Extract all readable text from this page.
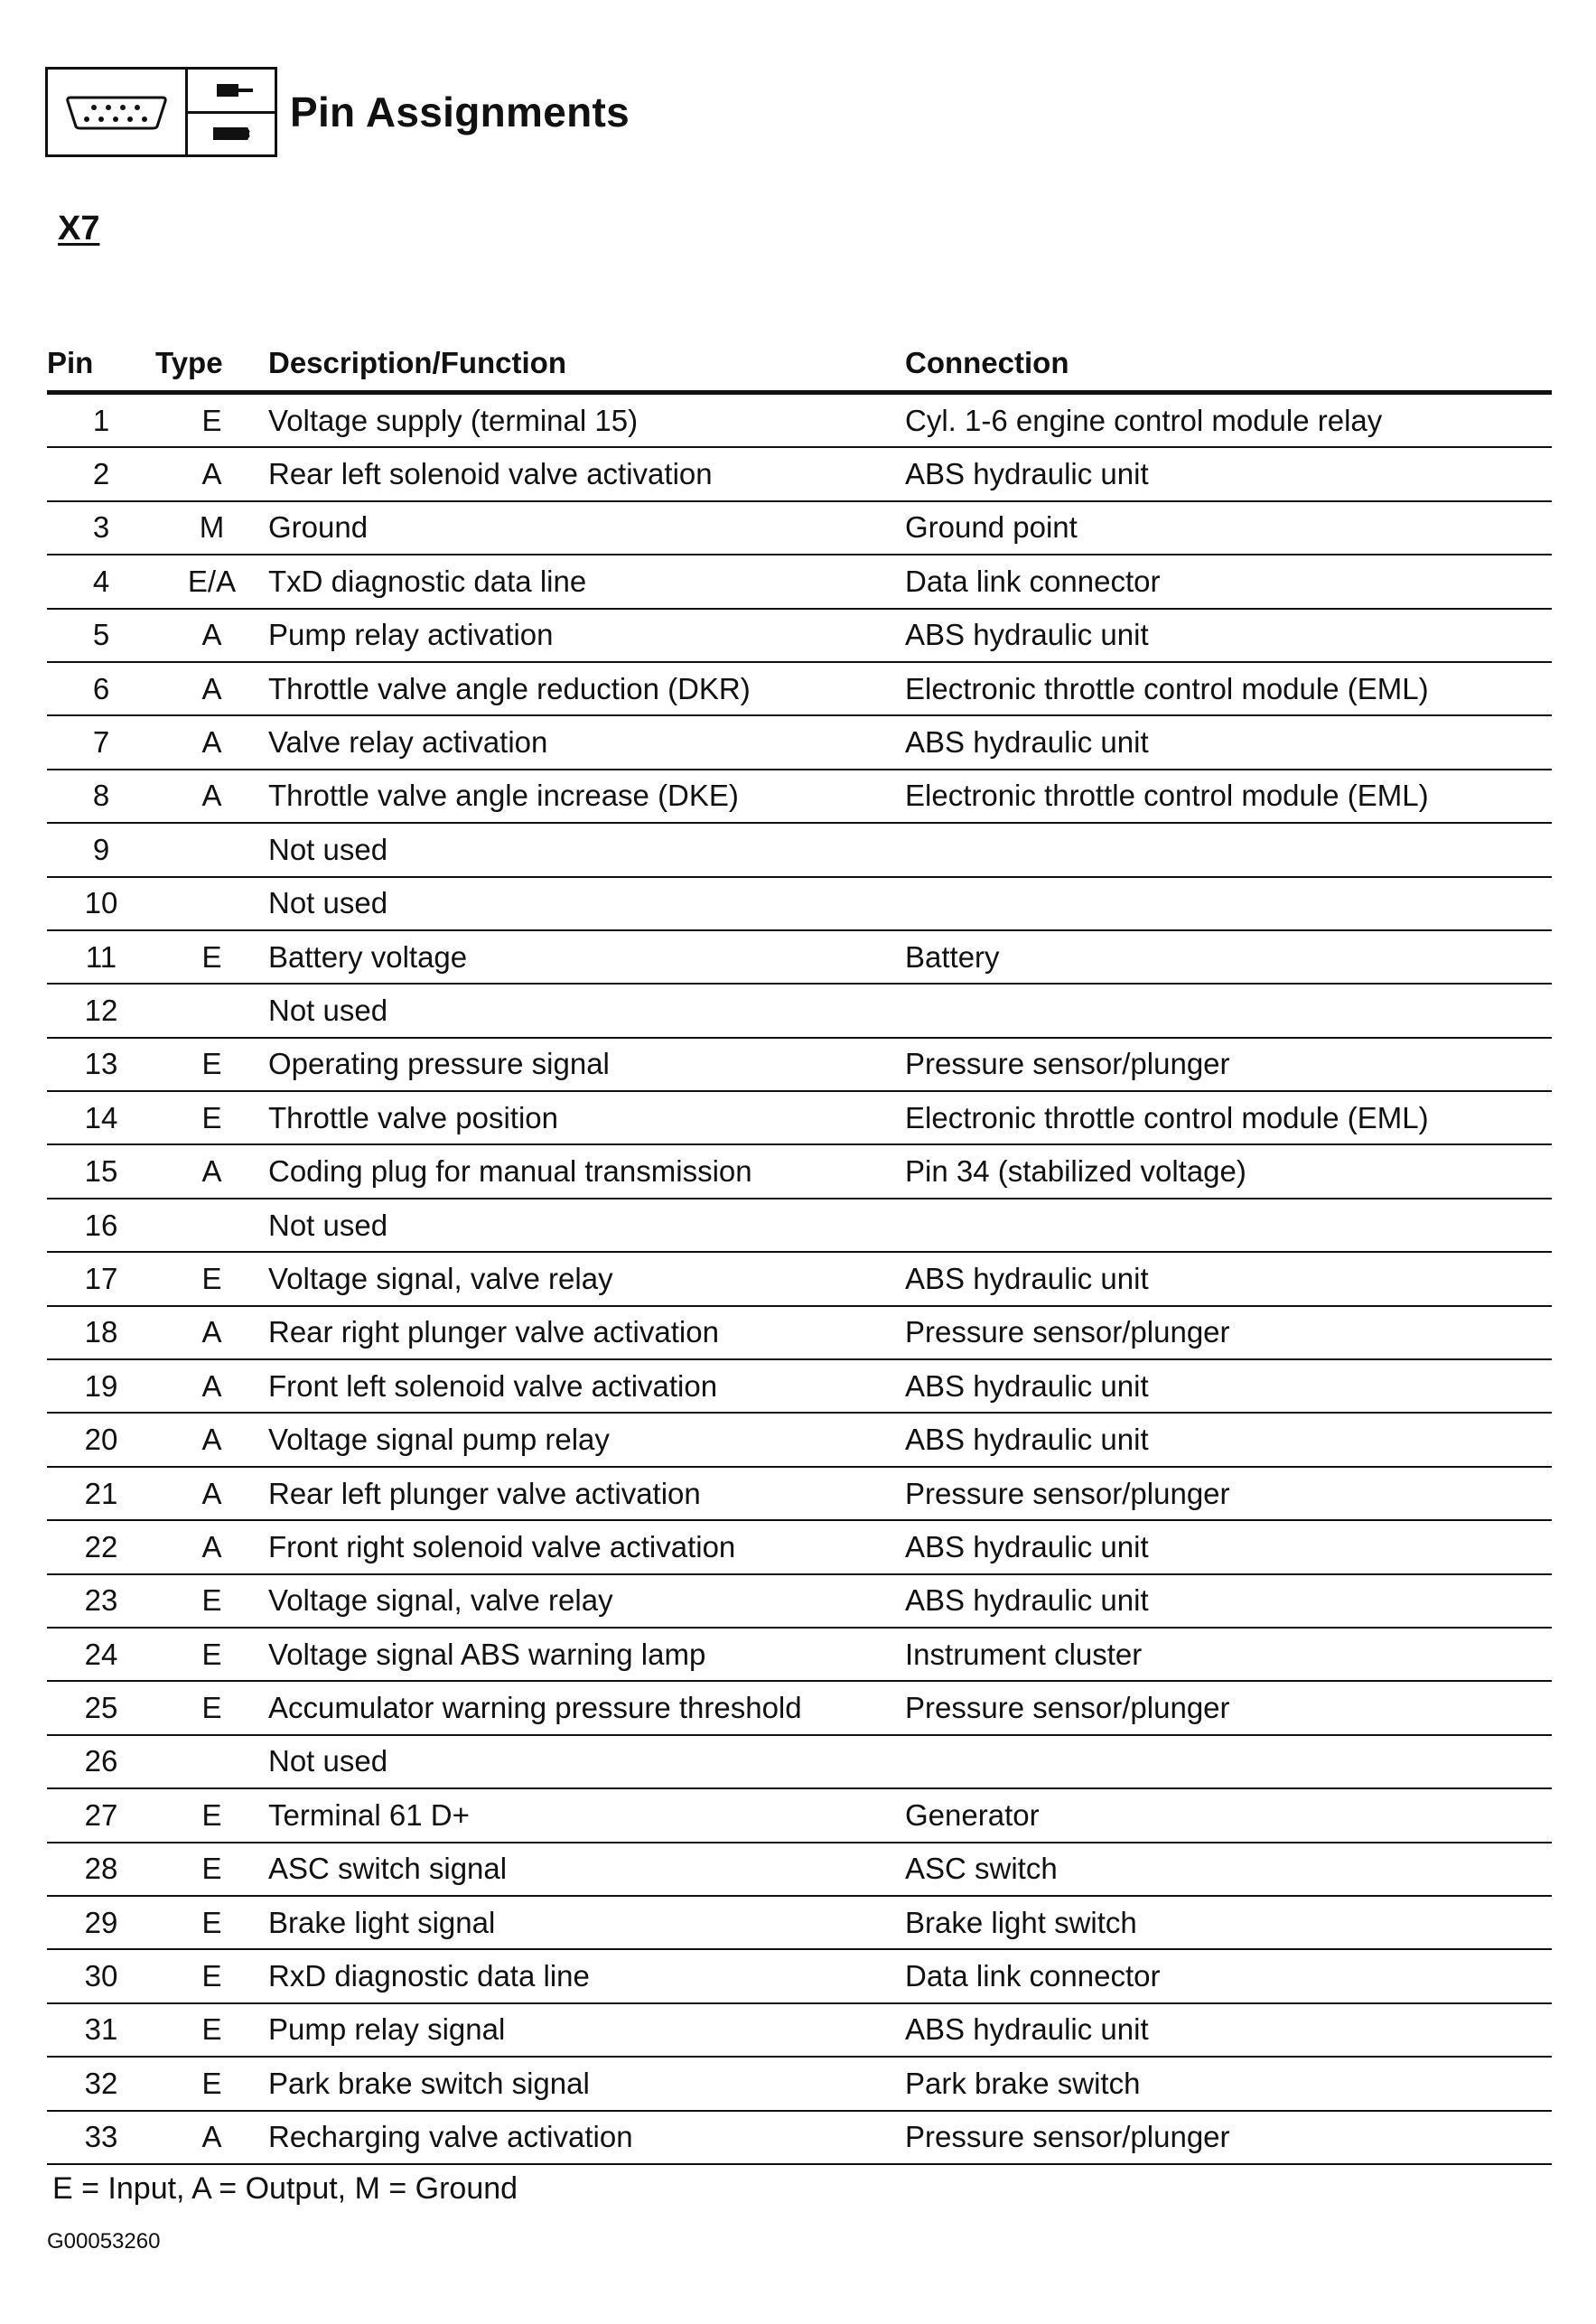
Pin Assignments
X7
Pin	Type	Description/Function	Connection
1	E	Voltage supply (terminal 15)	Cyl. 1-6 engine control module relay
2	A	Rear left solenoid valve activation	ABS hydraulic unit
3	M	Ground	Ground point
4	E/A	TxD diagnostic data line	Data link connector
5	A	Pump relay activation	ABS hydraulic unit
6	A	Throttle valve angle reduction (DKR)	Electronic throttle control module (EML)
7	A	Valve relay activation	ABS hydraulic unit
8	A	Throttle valve angle increase (DKE)	Electronic throttle control module (EML)
9		Not used	
10		Not used	
11	E	Battery voltage	Battery
12		Not used	
13	E	Operating pressure signal	Pressure sensor/plunger
14	E	Throttle valve position	Electronic throttle control module (EML)
15	A	Coding plug for manual transmission	Pin 34 (stabilized voltage)
16		Not used	
17	E	Voltage signal, valve relay	ABS hydraulic unit
18	A	Rear right plunger valve activation	Pressure sensor/plunger
19	A	Front left solenoid valve activation	ABS hydraulic unit
20	A	Voltage signal pump relay	ABS hydraulic unit
21	A	Rear left plunger valve activation	Pressure sensor/plunger
22	A	Front right solenoid valve activation	ABS hydraulic unit
23	E	Voltage signal, valve relay	ABS hydraulic unit
24	E	Voltage signal ABS warning lamp	Instrument cluster
25	E	Accumulator warning pressure threshold	Pressure sensor/plunger
26		Not used	
27	E	Terminal 61 D+	Generator
28	E	ASC switch signal	ASC switch
29	E	Brake light signal	Brake light switch
30	E	RxD diagnostic data line	Data link connector
31	E	Pump relay signal	ABS hydraulic unit
32	E	Park brake switch signal	Park brake switch
33	A	Recharging valve activation	Pressure sensor/plunger
E = Input, A = Output, M = Ground
G00053260
